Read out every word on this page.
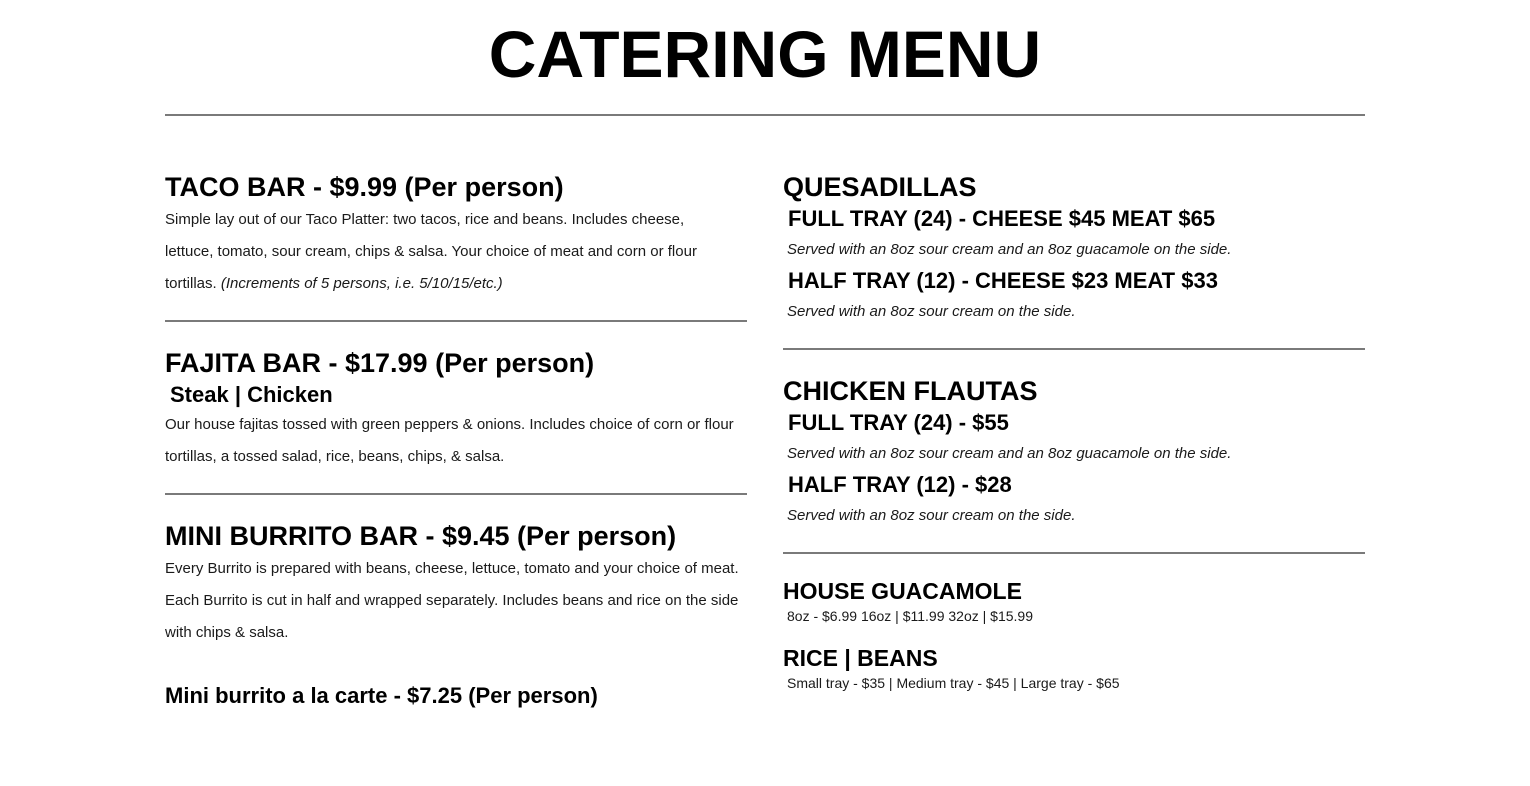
CATERING MENU
TACO BAR - $9.99 (Per person)

Simple lay out of our Taco Platter: two tacos, rice and beans. Includes cheese, lettuce, tomato, sour cream, chips & salsa. Your choice of meat and corn or flour tortillas. (Increments of 5 persons, i.e. 5/10/15/etc.)

FAJITA BAR - $17.99 (Per person)
Steak | Chicken

Our house fajitas tossed with green peppers & onions. Includes choice of corn or flour tortillas, a tossed salad, rice, beans, chips, & salsa.

MINI BURRITO BAR - $9.45 (Per person)

Every Burrito is prepared with beans, cheese, lettuce, tomato and your choice of meat. Each Burrito is cut in half and wrapped separately. Includes beans and rice on the side with chips & salsa.

Mini burrito a la carte - $7.25 (Per person)
QUESADILLAS
FULL TRAY (24) - CHEESE $45 MEAT $65

Served with an 8oz sour cream and an 8oz guacamole on the side.

HALF TRAY (12) - CHEESE $23 MEAT $33

Served with an 8oz sour cream on the side.

CHICKEN FLAUTAS
FULL TRAY (24) - $55

Served with an 8oz sour cream and an 8oz guacamole on the side.

HALF TRAY (12) - $28

Served with an 8oz sour cream on the side.

HOUSE GUACAMOLE

8oz - $6.99 16oz | $11.99 32oz | $15.99

RICE | BEANS

Small tray - $35 | Medium tray - $45 | Large tray - $65
